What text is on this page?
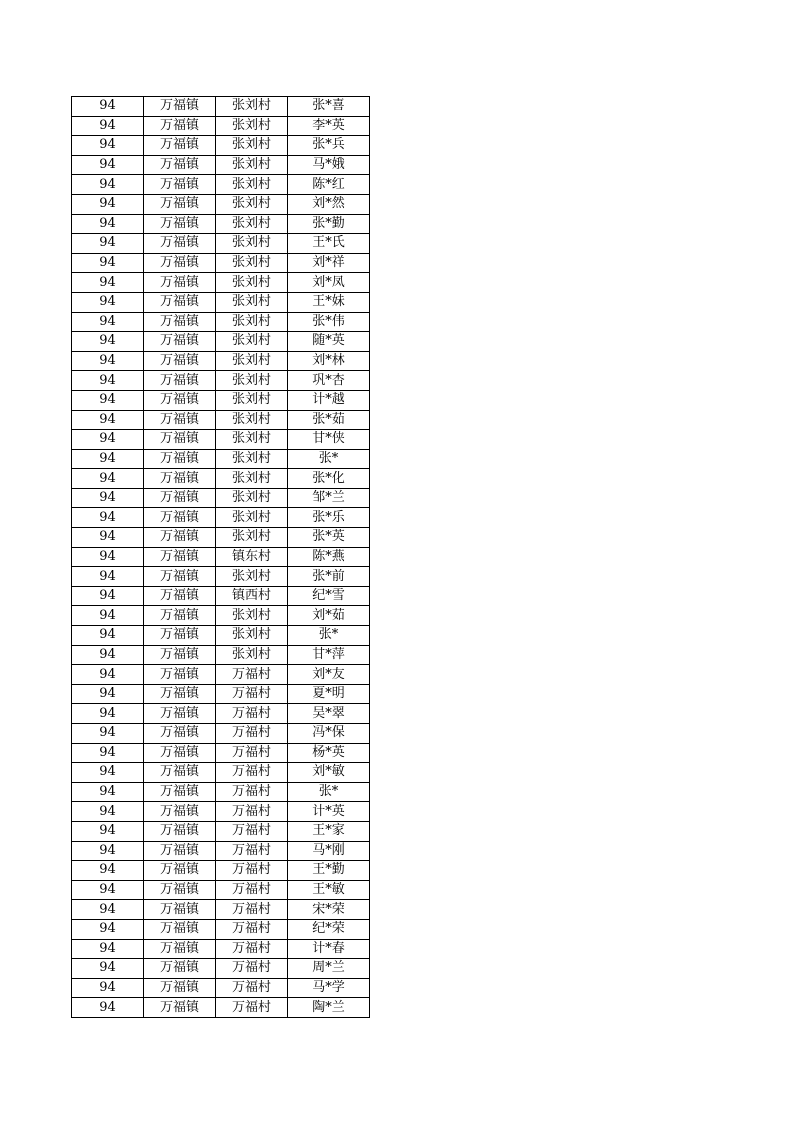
94	万福镇	张刘村	张*喜
94	万福镇	张刘村	李*英
94	万福镇	张刘村	张*兵
94	万福镇	张刘村	马*娥
94	万福镇	张刘村	陈*红
94	万福镇	张刘村	刘*然
94	万福镇	张刘村	张*勤
94	万福镇	张刘村	王*氏
94	万福镇	张刘村	刘*祥
94	万福镇	张刘村	刘*凤
94	万福镇	张刘村	王*妹
94	万福镇	张刘村	张*伟
94	万福镇	张刘村	随*英
94	万福镇	张刘村	刘*林
94	万福镇	张刘村	巩*杏
94	万福镇	张刘村	计*越
94	万福镇	张刘村	张*茹
94	万福镇	张刘村	甘*侠
94	万福镇	张刘村	张*
94	万福镇	张刘村	张*化
94	万福镇	张刘村	邹*兰
94	万福镇	张刘村	张*乐
94	万福镇	张刘村	张*英
94	万福镇	镇东村	陈*燕
94	万福镇	张刘村	张*前
94	万福镇	镇西村	纪*雪
94	万福镇	张刘村	刘*茹
94	万福镇	张刘村	张*
94	万福镇	张刘村	甘*萍
94	万福镇	万福村	刘*友
94	万福镇	万福村	夏*明
94	万福镇	万福村	吴*翠
94	万福镇	万福村	冯*保
94	万福镇	万福村	杨*英
94	万福镇	万福村	刘*敏
94	万福镇	万福村	张*
94	万福镇	万福村	计*英
94	万福镇	万福村	王*家
94	万福镇	万福村	马*刚
94	万福镇	万福村	王*勤
94	万福镇	万福村	王*敏
94	万福镇	万福村	宋*荣
94	万福镇	万福村	纪*荣
94	万福镇	万福村	计*春
94	万福镇	万福村	周*兰
94	万福镇	万福村	马*学
94	万福镇	万福村	陶*兰
